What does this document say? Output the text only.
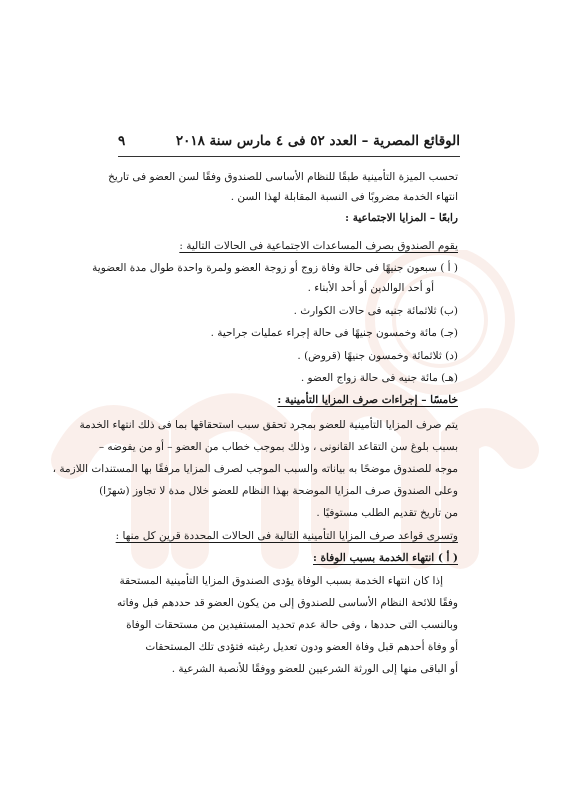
الوقائع المصرية – العدد ٥٢ فى ٤ مارس سنة ٢٠١٨
٩
تحسب الميزة التأمينية طبقًا للنظام الأساسى للصندوق وفقًا لسن العضو فى تاريخ
انتهاء الخدمة مضروبًا فى النسبة المقابلة لهذا السن .
رابعًا – المزايا الاجتماعية :
يقوم الصندوق بصرف المساعدات الاجتماعية فى الحالات التالية :
( أ ) سبعون جنيهًا فى حالة وفاة زوج أو زوجة العضو ولمرة واحدة طوال مدة العضوية
أو أحد الوالدين أو أحد الأبناء .
(ب) ثلاثمائة جنيه فى حالات الكوارث .
(جـ) مائة وخمسون جنيهًا فى حالة إجراء عمليات جراحية .
(د) ثلاثمائة وخمسون جنيهًا (قروض) .
(هـ) مائة جنيه فى حالة زواج العضو .
خامسًا – إجراءات صرف المزايا التأمينية :
يتم صرف المزايا التأمينية للعضو بمجرد تحقق سبب استحقاقها بما فى ذلك انتهاء الخدمة
بسبب بلوغ سن التقاعد القانونى ، وذلك بموجب خطاب من العضو – أو من يفوضه –
موجه للصندوق موضحًا به بياناته والسبب الموجب لصرف المزايا مرفقًا بها المستندات اللازمة ،
وعلى الصندوق صرف المزايا الموضحة بهذا النظام للعضو خلال مدة لا تجاوز (شهرًا)
من تاريخ تقديم الطلب مستوفيًا .
وتسرى قواعد صرف المزايا التأمينية التالية فى الحالات المحددة قرين كل منها :
( أ ) انتهاء الخدمة بسبب الوفاة :
إذا كان انتهاء الخدمة بسبب الوفاة يؤدى الصندوق المزايا التأمينية المستحقة
وفقًا للائحة النظام الأساسى للصندوق إلى من يكون العضو قد حددهم قبل وفاته
وبالنسب التى حددها ، وفى حالة عدم تحديد المستفيدين من مستحقات الوفاة
أو وفاة أحدهم قبل وفاة العضو ودون تعديل رغبته فتؤدى تلك المستحقات
أو الباقى منها إلى الورثة الشرعيين للعضو ووفقًا للأنصبة الشرعية .
